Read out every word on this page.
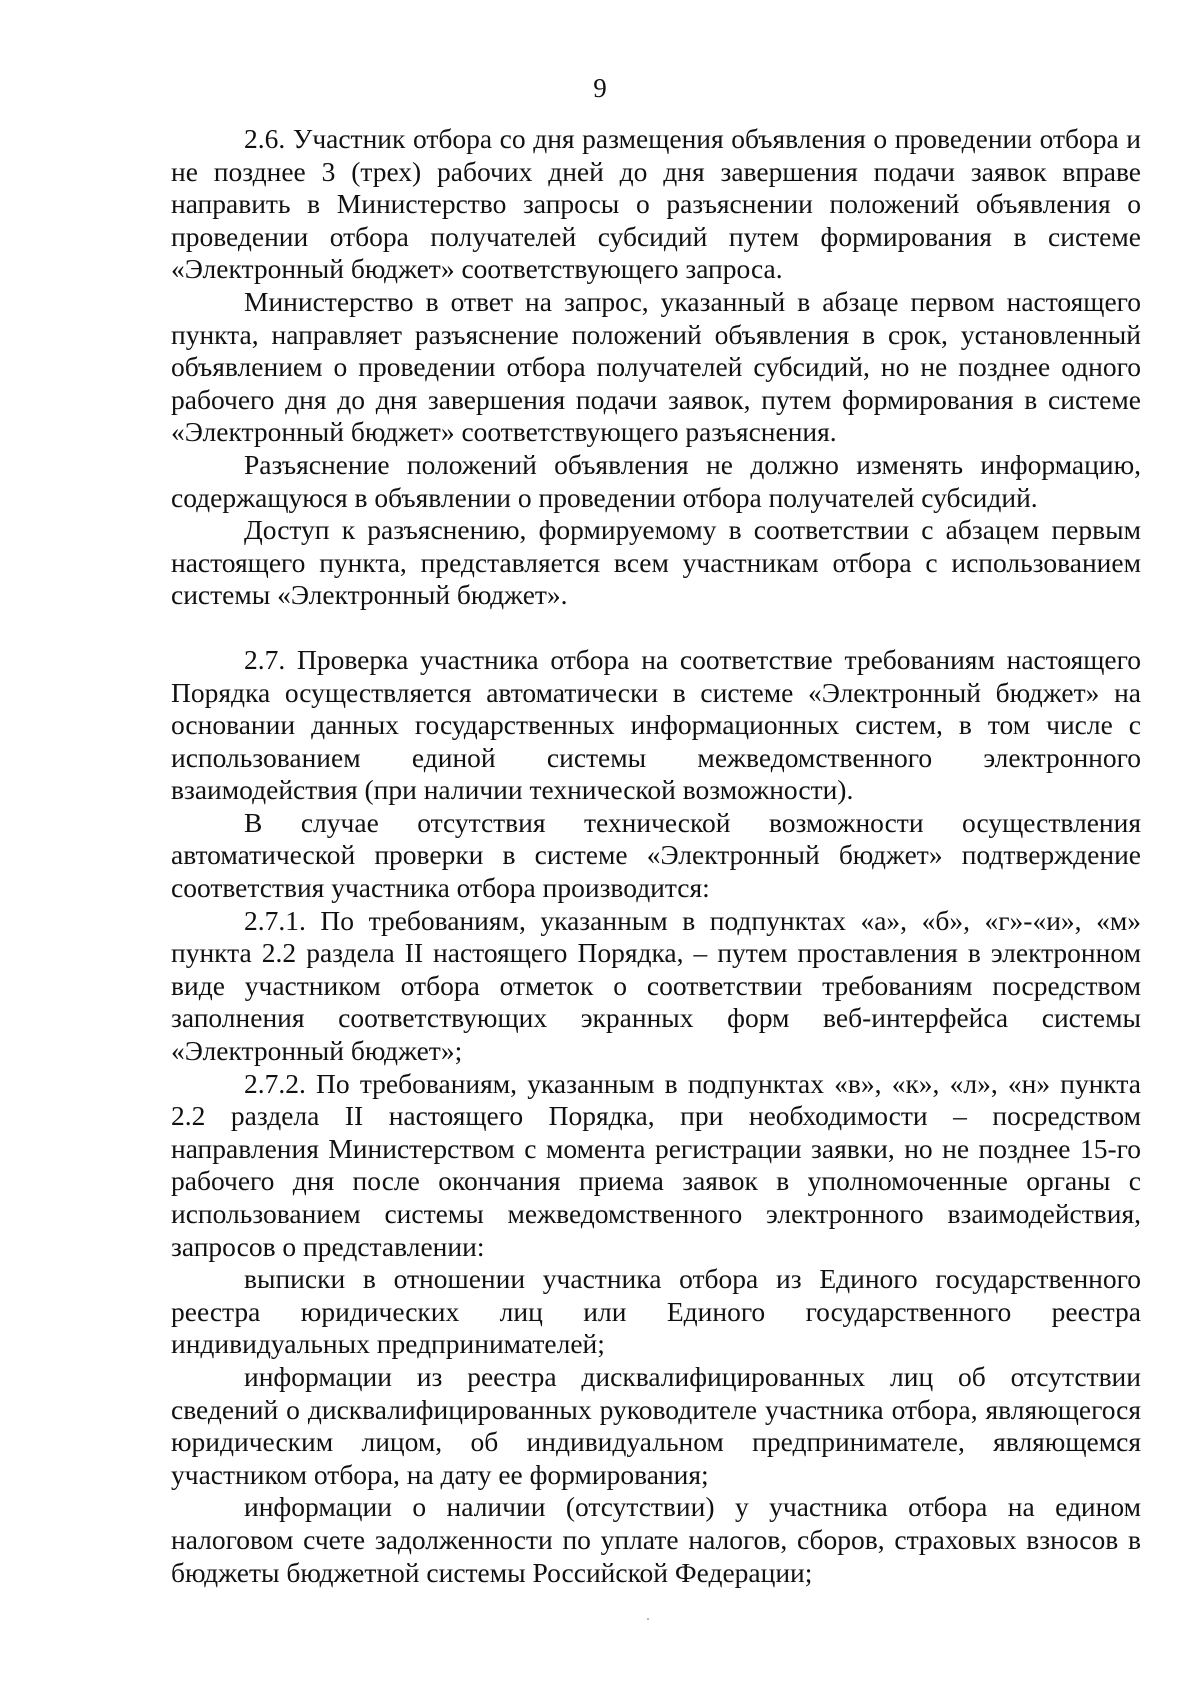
9

2.6. Участник отбора со дня размещения объявления о проведении отбора и не позднее 3 (трех) рабочих дней до дня завершения подачи заявок вправе направить в Министерство запросы о разъяснении положений объявления о проведении отбора получателей субсидий путем формирования в системе «Электронный бюджет» соответствующего запроса.

Министерство в ответ на запрос, указанный в абзаце первом настоящего пункта, направляет разъяснение положений объявления в срок, установленный объявлением о проведении отбора получателей субсидий, но не позднее одного рабочего дня до дня завершения подачи заявок, путем формирования в системе «Электронный бюджет» соответствующего разъяснения.

Разъяснение положений объявления не должно изменять информацию, содержащуюся в объявлении о проведении отбора получателей субсидий.

Доступ к разъяснению, формируемому в соответствии с абзацем первым настоящего пункта, представляется всем участникам отбора с использованием системы «Электронный бюджет».

2.7. Проверка участника отбора на соответствие требованиям настоящего Порядка осуществляется автоматически в системе «Электронный бюджет» на основании данных государственных информационных систем, в том числе с использованием единой системы межведомственного электронного взаимодействия (при наличии технической возможности).

В случае отсутствия технической возможности осуществления автоматической проверки в системе «Электронный бюджет» подтверждение соответствия участника отбора производится:

2.7.1. По требованиям, указанным в подпунктах «а», «б», «г»-«и», «м» пункта 2.2 раздела II настоящего Порядка, – путем проставления в электронном виде участником отбора отметок о соответствии требованиям посредством заполнения соответствующих экранных форм веб-интерфейса системы «Электронный бюджет»;

2.7.2. По требованиям, указанным в подпунктах «в», «к», «л», «н» пункта 2.2 раздела II настоящего Порядка, при необходимости – посредством направления Министерством с момента регистрации заявки, но не позднее 15-го рабочего дня после окончания приема заявок в уполномоченные органы с использованием системы межведомственного электронного взаимодействия, запросов о представлении:

выписки в отношении участника отбора из Единого государственного реестра юридических лиц или Единого государственного реестра индивидуальных предпринимателей;

информации из реестра дисквалифицированных лиц об отсутствии сведений о дисквалифицированных руководителе участника отбора, являющегося юридическим лицом, об индивидуальном предпринимателе, являющемся участником отбора, на дату ее формирования;

информации о наличии (отсутствии) у участника отбора на едином налоговом счете задолженности по уплате налогов, сборов, страховых взносов в бюджеты бюджетной системы Российской Федерации;
